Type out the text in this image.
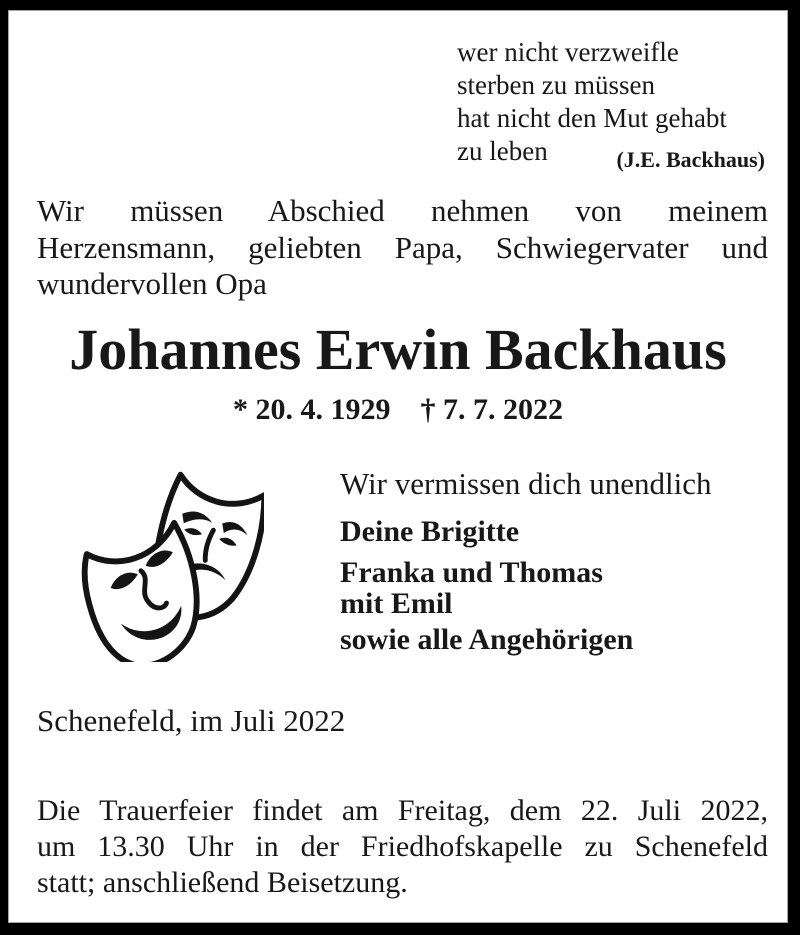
wer nicht verzweifle
sterben zu müssen
hat nicht den Mut gehabt
zu leben	(J.E. Backhaus)
Wir müssen Abschied nehmen von meinem
Herzensmann, geliebten Papa, Schwiegervater und
wundervollen Opa
Johannes Erwin Backhaus
* 20. 4. 1929 † 7. 7. 2022
Wir vermissen dich unendlich
Deine Brigitte
Franka und Thomas
mit Emil
sowie alle Angehörigen
Schenefeld, im Juli 2022
Die Trauerfeier findet am Freitag, dem 22. Juli 2022,
um 13.30 Uhr in der Friedhofskapelle zu Schenefeld
statt; anschließend Beisetzung.
